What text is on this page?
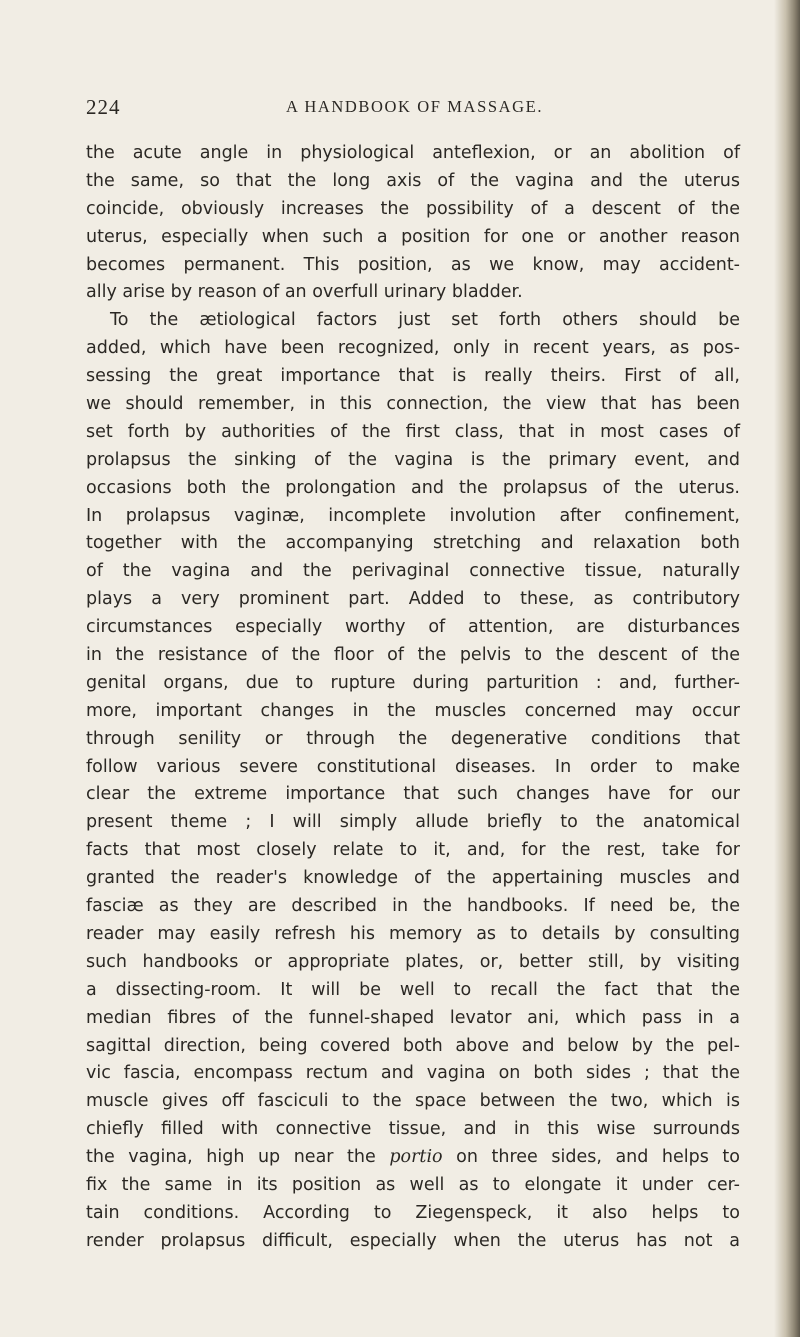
224	A HANDBOOK OF MASSAGE.
the acute angle in physiological anteflexion, or an abolition of
the same, so that the long axis of the vagina and the uterus
coincide, obviously increases the possibility of a descent of the
uterus, especially when such a position for one or another reason
becomes permanent. This position, as we know, may accident-
ally arise by reason of an overfull urinary bladder.
To the ætiological factors just set forth others should be
added, which have been recognized, only in recent years, as pos-
sessing the great importance that is really theirs. First of all,
we should remember, in this connection, the view that has been
set forth by authorities of the first class, that in most cases of
prolapsus the sinking of the vagina is the primary event, and
occasions both the prolongation and the prolapsus of the uterus.
In prolapsus vaginæ, incomplete involution after confinement,
together with the accompanying stretching and relaxation both
of the vagina and the perivaginal connective tissue, naturally
plays a very prominent part. Added to these, as contributory
circumstances especially worthy of attention, are disturbances
in the resistance of the floor of the pelvis to the descent of the
genital organs, due to rupture during parturition : and, further-
more, important changes in the muscles concerned may occur
through senility or through the degenerative conditions that
follow various severe constitutional diseases. In order to make
clear the extreme importance that such changes have for our
present theme ; I will simply allude briefly to the anatomical
facts that most closely relate to it, and, for the rest, take for
granted the reader's knowledge of the appertaining muscles and
fasciæ as they are described in the handbooks. If need be, the
reader may easily refresh his memory as to details by consulting
such handbooks or appropriate plates, or, better still, by visiting
a dissecting-room. It will be well to recall the fact that the
median fibres of the funnel-shaped levator ani, which pass in a
sagittal direction, being covered both above and below by the pel-
vic fascia, encompass rectum and vagina on both sides ; that the
muscle gives off fasciculi to the space between the two, which is
chiefly filled with connective tissue, and in this wise surrounds
the vagina, high up near the portio on three sides, and helps to
fix the same in its position as well as to elongate it under cer-
tain conditions. According to Ziegenspeck, it also helps to
render prolapsus difficult, especially when the uterus has not a
